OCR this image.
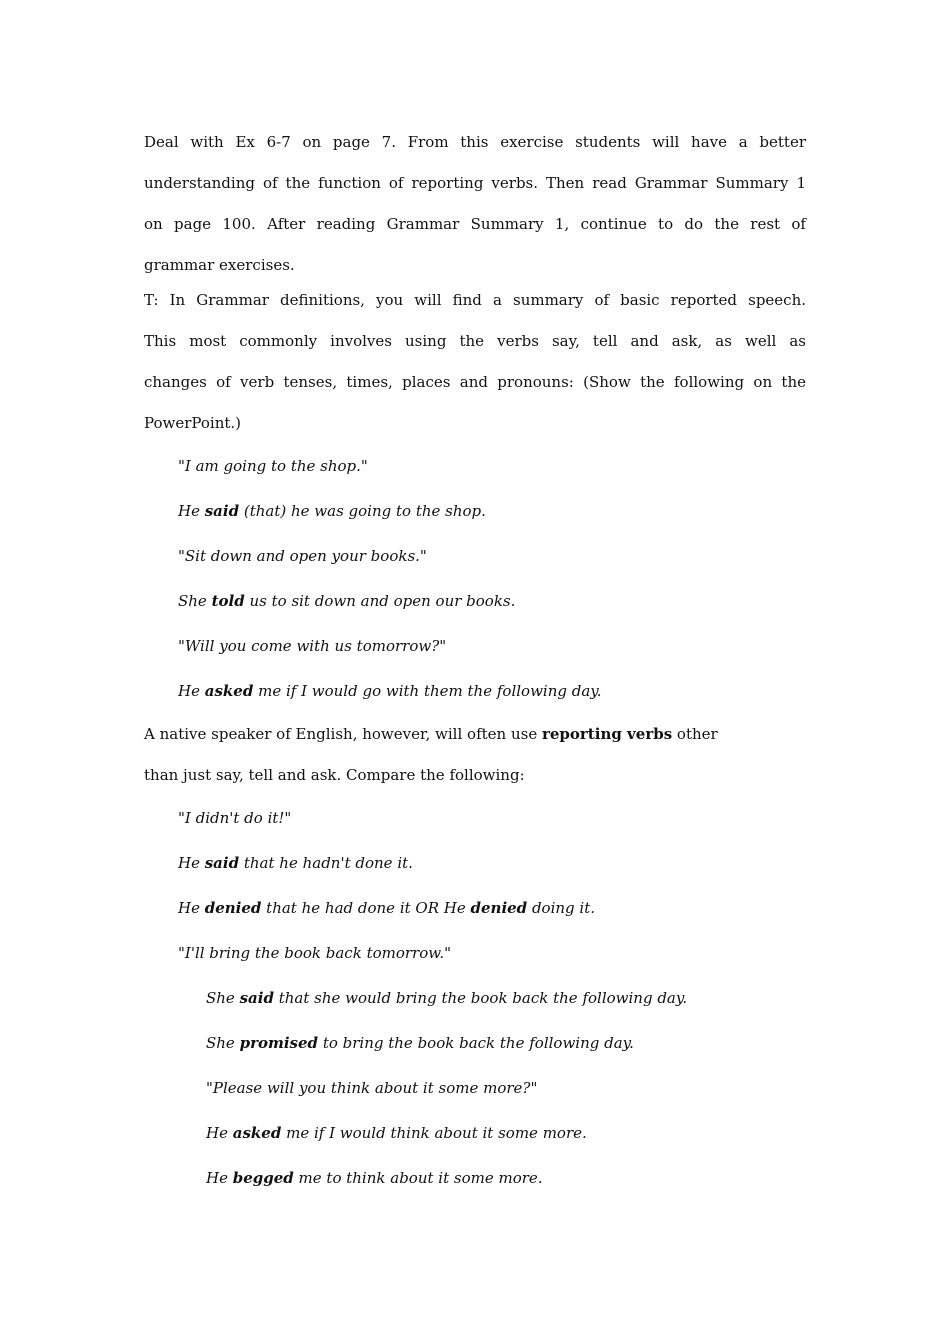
Deal with Ex 6-7 on page 7. From this exercise students will have a better
understanding of the function of reporting verbs. Then read Grammar Summary 1
on page 100. After reading Grammar Summary 1, continue to do the rest of
grammar exercises.

T: In Grammar definitions, you will find a summary of basic reported speech.
This most commonly involves using the verbs say, tell and ask, as well as
changes of verb tenses, times, places and pronouns: (Show the following on the
PowerPoint.)

"I am going to the shop."
He said (that) he was going to the shop.
"Sit down and open your books."
She told us to sit down and open our books.
"Will you come with us tomorrow?"
He asked me if I would go with them the following day.

A native speaker of English, however, will often use reporting verbs other
than just say, tell and ask. Compare the following:

"I didn't do it!"
He said that he hadn't done it.
He denied that he had done it OR He denied doing it.
"I'll bring the book back tomorrow."
She said that she would bring the book back the following day.
She promised to bring the book back the following day.
"Please will you think about it some more?"
He asked me if I would think about it some more.
He begged me to think about it some more.
